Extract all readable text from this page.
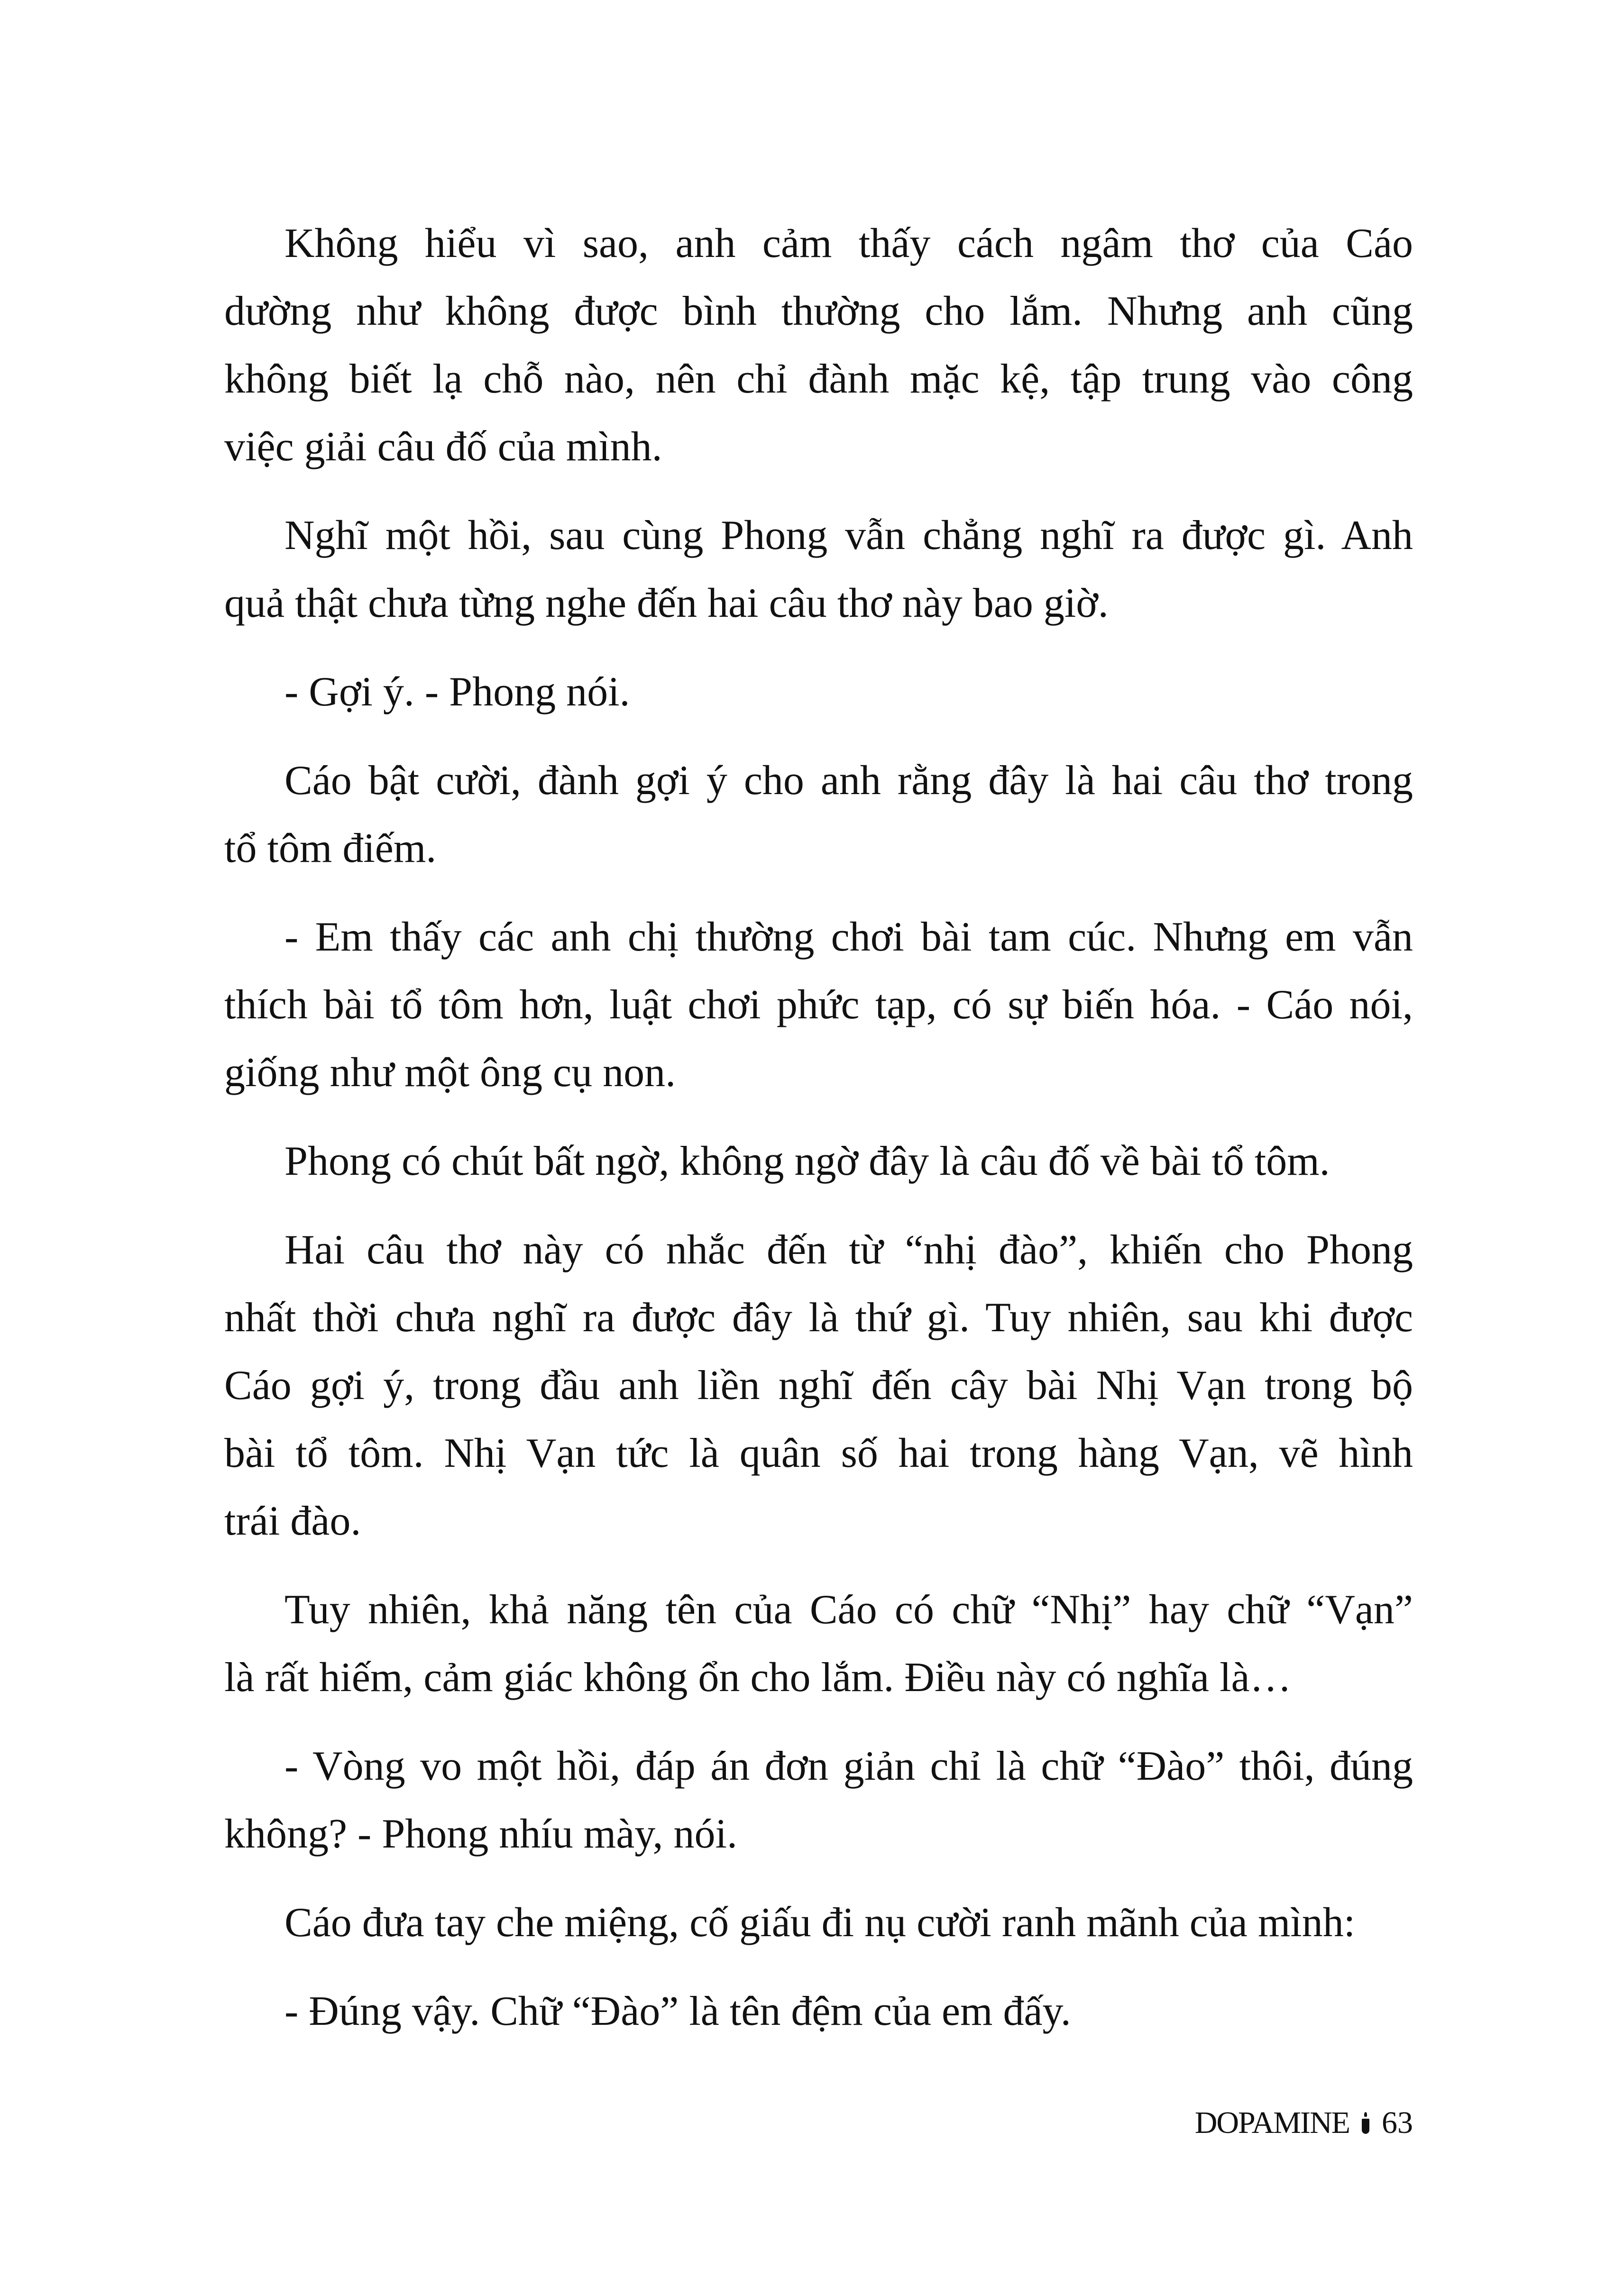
Không hiểu vì sao, anh cảm thấy cách ngâm thơ của Cáo
dường như không được bình thường cho lắm. Nhưng anh cũng
không biết lạ chỗ nào, nên chỉ đành mặc kệ, tập trung vào công
việc giải câu đố của mình.
Nghĩ một hồi, sau cùng Phong vẫn chẳng nghĩ ra được gì. Anh
quả thật chưa từng nghe đến hai câu thơ này bao giờ.
- Gợi ý. - Phong nói.
Cáo bật cười, đành gợi ý cho anh rằng đây là hai câu thơ trong
tổ tôm điếm.
- Em thấy các anh chị thường chơi bài tam cúc. Nhưng em vẫn
thích bài tổ tôm hơn, luật chơi phức tạp, có sự biến hóa. - Cáo nói,
giống như một ông cụ non.
Phong có chút bất ngờ, không ngờ đây là câu đố về bài tổ tôm.
Hai câu thơ này có nhắc đến từ “nhị đào”, khiến cho Phong
nhất thời chưa nghĩ ra được đây là thứ gì. Tuy nhiên, sau khi được
Cáo gợi ý, trong đầu anh liền nghĩ đến cây bài Nhị Vạn trong bộ
bài tổ tôm. Nhị Vạn tức là quân số hai trong hàng Vạn, vẽ hình
trái đào.
Tuy nhiên, khả năng tên của Cáo có chữ “Nhị” hay chữ “Vạn”
là rất hiếm, cảm giác không ổn cho lắm. Điều này có nghĩa là…
- Vòng vo một hồi, đáp án đơn giản chỉ là chữ “Đào” thôi, đúng
không? - Phong nhíu mày, nói.
Cáo đưa tay che miệng, cố giấu đi nụ cười ranh mãnh của mình:
- Đúng vậy. Chữ “Đào” là tên đệm của em đấy.
DOPAMINE 63
